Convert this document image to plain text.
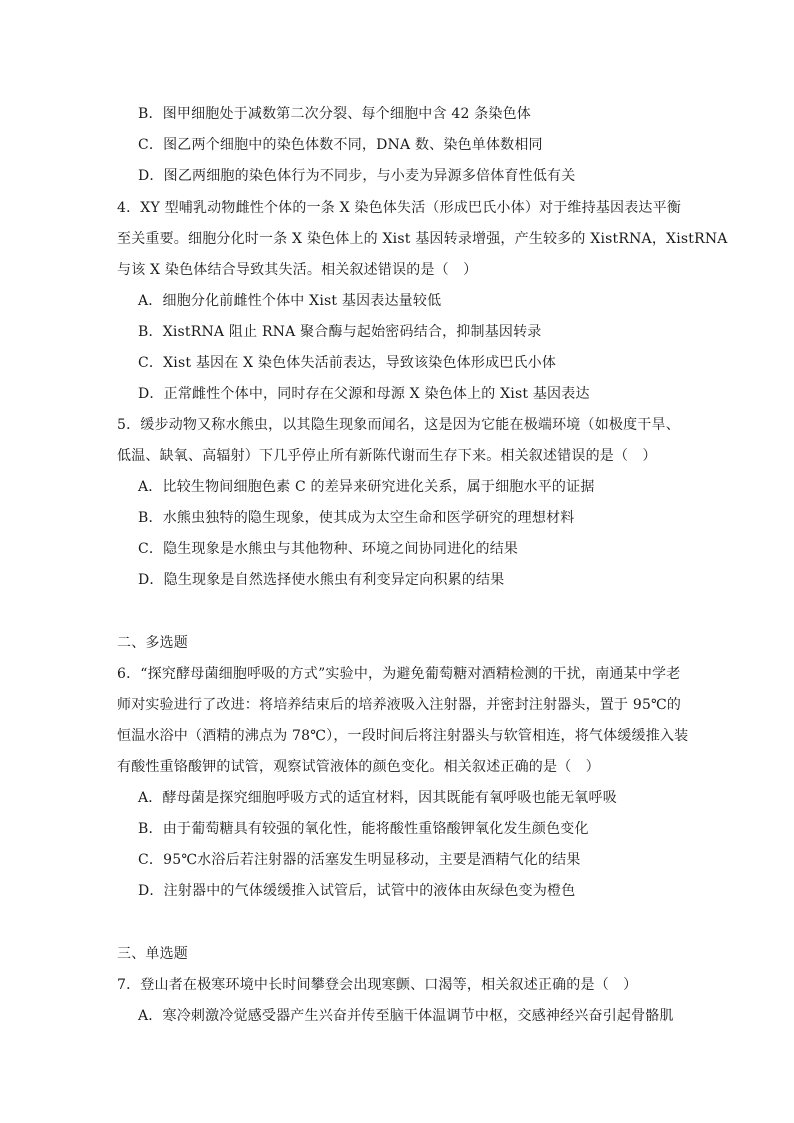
B．图甲细胞处于减数第二次分裂、每个细胞中含 42 条染色体
C．图乙两个细胞中的染色体数不同，DNA 数、染色单体数相同
D．图乙两细胞的染色体行为不同步，与小麦为异源多倍体育性低有关
4．XY 型哺乳动物雌性个体的一条 X 染色体失活（形成巴氏小体）对于维持基因表达平衡
至关重要。细胞分化时一条 X 染色体上的 Xist 基因转录增强，产生较多的 XistRNA，XistRNA
与该 X 染色体结合导致其失活。相关叙述错误的是（　）
A．细胞分化前雌性个体中 Xist 基因表达量较低
B．XistRNA 阻止 RNA 聚合酶与起始密码结合，抑制基因转录
C．Xist 基因在 X 染色体失活前表达，导致该染色体形成巴氏小体
D．正常雌性个体中，同时存在父源和母源 X 染色体上的 Xist 基因表达
5．缓步动物又称水熊虫，以其隐生现象而闻名，这是因为它能在极端环境（如极度干旱、
低温、缺氧、高辐射）下几乎停止所有新陈代谢而生存下来。相关叙述错误的是（　）
A．比较生物间细胞色素 C 的差异来研究进化关系，属于细胞水平的证据
B．水熊虫独特的隐生现象，使其成为太空生命和医学研究的理想材料
C．隐生现象是水熊虫与其他物种、环境之间协同进化的结果
D．隐生现象是自然选择使水熊虫有利变异定向积累的结果
二、多选题
6．“探究酵母菌细胞呼吸的方式”实验中，为避免葡萄糖对酒精检测的干扰，南通某中学老
师对实验进行了改进：将培养结束后的培养液吸入注射器，并密封注射器头，置于 95℃的
恒温水浴中（酒精的沸点为 78℃），一段时间后将注射器头与软管相连，将气体缓缓推入装
有酸性重铬酸钾的试管，观察试管液体的颜色变化。相关叙述正确的是（　）
A．酵母菌是探究细胞呼吸方式的适宜材料，因其既能有氧呼吸也能无氧呼吸
B．由于葡萄糖具有较强的氧化性，能将酸性重铬酸钾氧化发生颜色变化
C．95℃水浴后若注射器的活塞发生明显移动，主要是酒精气化的结果
D．注射器中的气体缓缓推入试管后，试管中的液体由灰绿色变为橙色
三、单选题
7．登山者在极寒环境中长时间攀登会出现寒颤、口渴等，相关叙述正确的是（　）
A．寒冷刺激冷觉感受器产生兴奋并传至脑干体温调节中枢，交感神经兴奋引起骨骼肌
